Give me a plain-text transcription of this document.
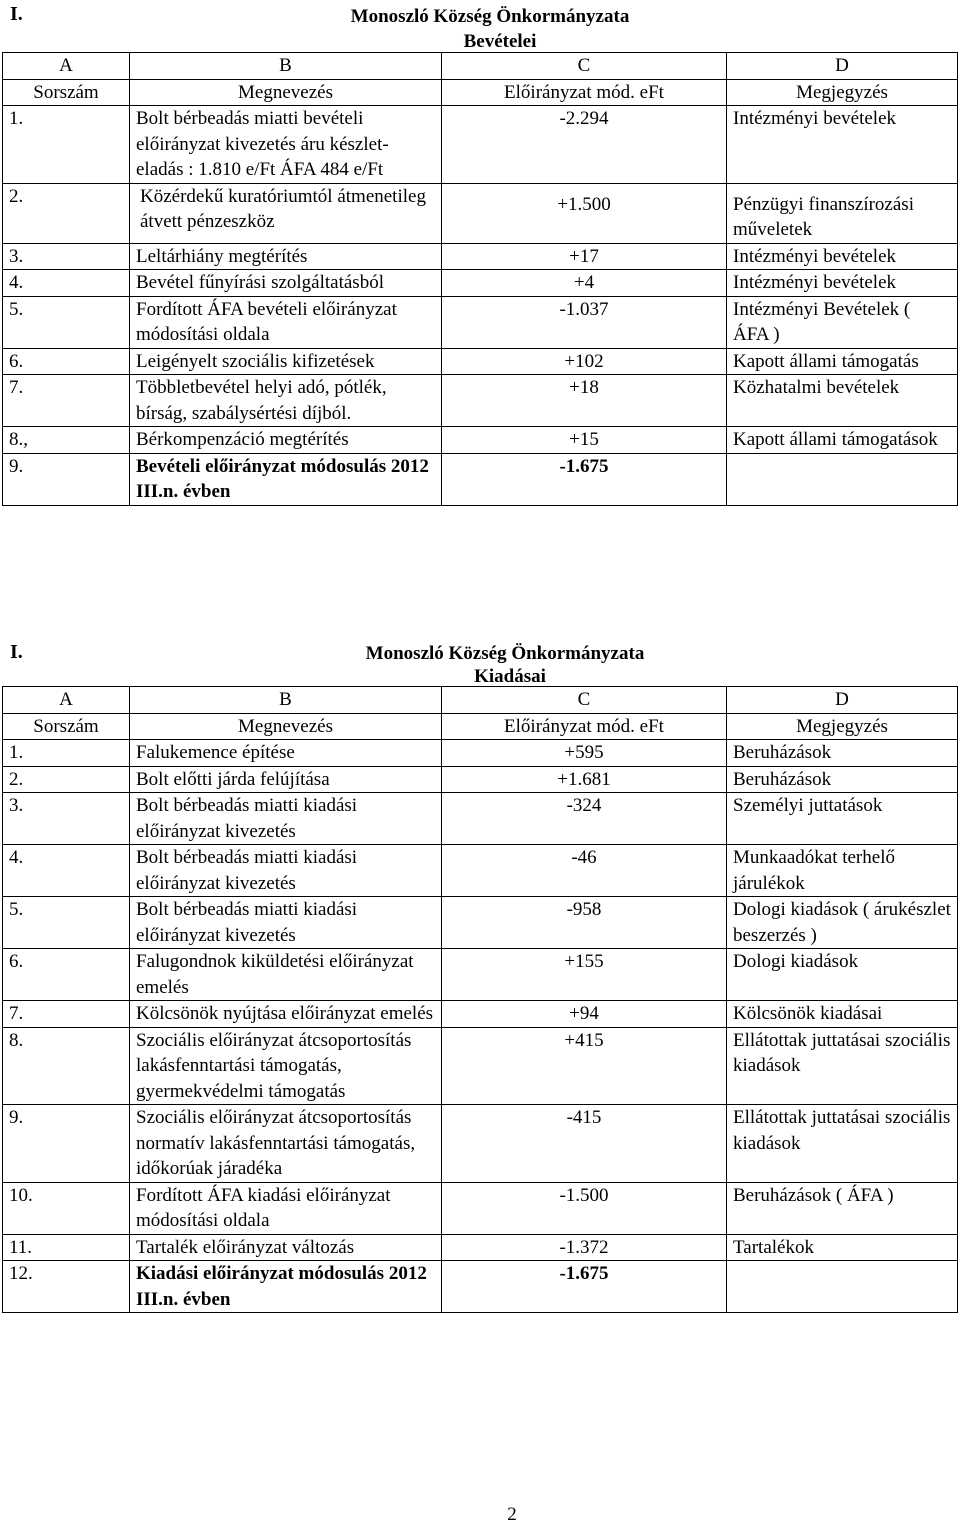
I.	Monoszló Község Önkormányzata
Bevételei
A	B	C	D
Sorszám	Megnevezés	Előirányzat mód. eFt	Megjegyzés
1.	Bolt bérbeadás miatti bevételi előirányzat kivezetés áru készlet-eladás : 1.810 e/Ft ÁFA 484 e/Ft	-2.294	Intézményi bevételek
2.	Közérdekű kuratóriumtól átmenetileg átvett pénzeszköz	+1.500	Pénzügyi finanszírozási műveletek
3.	Leltárhiány megtérítés	+17	Intézményi bevételek
4.	Bevétel fűnyírási szolgáltatásból	+4	Intézményi bevételek
5.	Fordított ÁFA bevételi előirányzat módosítási oldala	-1.037	Intézményi Bevételek ( ÁFA )
6.	Leigényelt szociális kifizetések	+102	Kapott állami támogatás
7.	Többletbevétel helyi adó, pótlék, bírság, szabálysértési díjból.	+18	Közhatalmi bevételek
8.,	Bérkompenzáció megtérítés	+15	Kapott állami támogatások
9.	Bevételi előirányzat módosulás 2012 III.n. évben	-1.675	
I.	Monoszló Község Önkormányzata
Kiadásai
A	B	C	D
Sorszám	Megnevezés	Előirányzat mód. eFt	Megjegyzés
1.	Falukemence építése	+595	Beruházások
2.	Bolt előtti járda felújítása	+1.681	Beruházások
3.	Bolt bérbeadás miatti kiadási előirányzat kivezetés	-324	Személyi juttatások
4.	Bolt bérbeadás miatti kiadási előirányzat kivezetés	-46	Munkaadókat terhelő járulékok
5.	Bolt bérbeadás miatti kiadási előirányzat kivezetés	-958	Dologi kiadások ( árukészlet beszerzés )
6.	Falugondnok kiküldetési előirányzat emelés	+155	Dologi kiadások
7.	Kölcsönök nyújtása előirányzat emelés	+94	Kölcsönök kiadásai
8.	Szociális előirányzat átcsoportosítás lakásfenntartási támogatás, gyermekvédelmi támogatás	+415	Ellátottak juttatásai szociális kiadások
9.	Szociális előirányzat átcsoportosítás normatív lakásfenntartási támogatás, időkorúak járadéka	-415	Ellátottak juttatásai szociális kiadások
10.	Fordított ÁFA kiadási előirányzat módosítási oldala	-1.500	Beruházások ( ÁFA )
11.	Tartalék előirányzat változás	-1.372	Tartalékok
12.	Kiadási előirányzat módosulás 2012 III.n. évben	-1.675	
2
